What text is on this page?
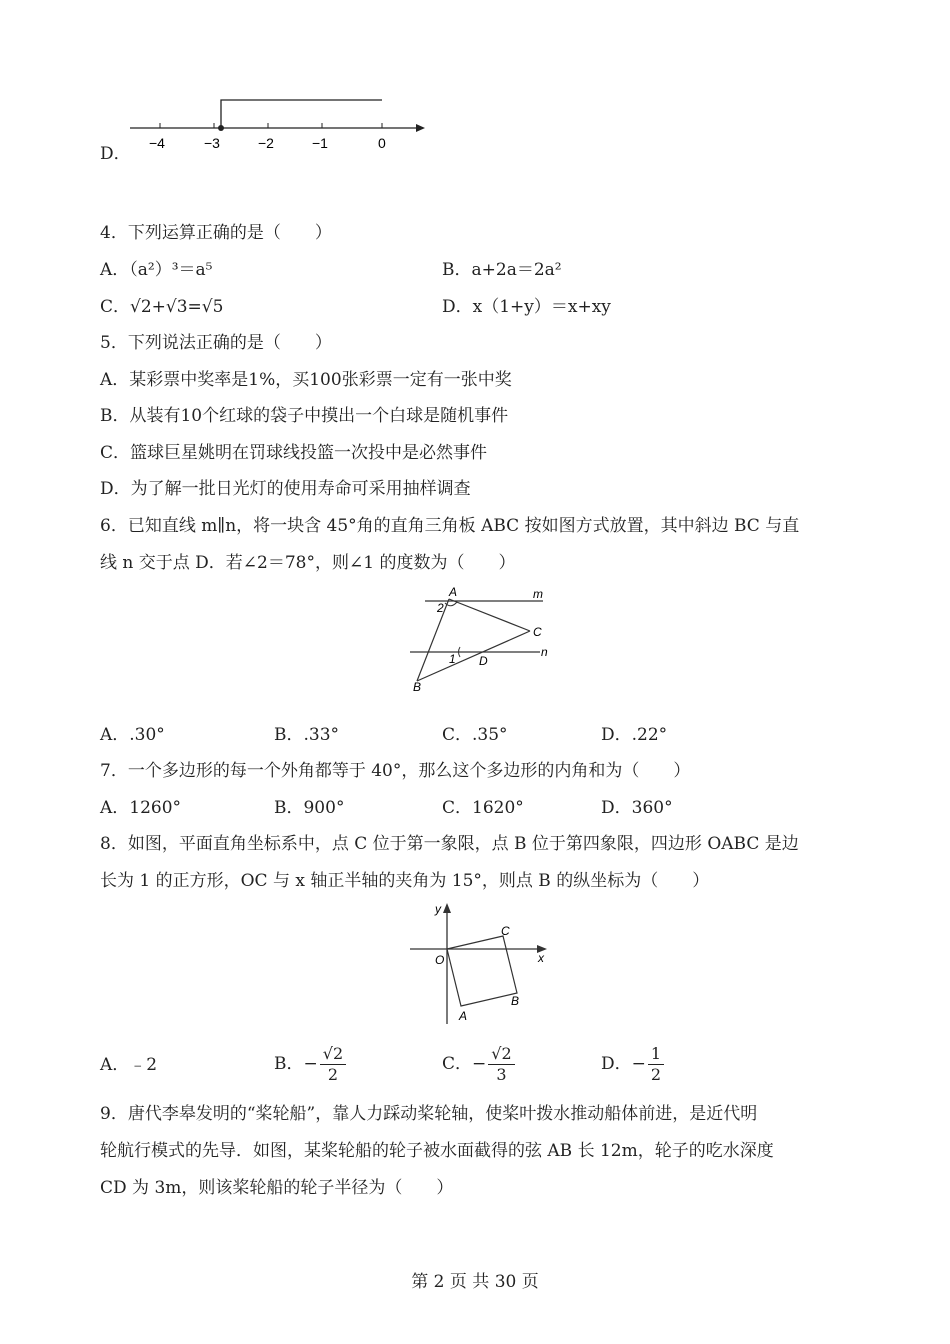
D．
−4	−3	−2	−1	0
4．下列运算正确的是（　　）
A．（a²）³＝a⁵	B．a+2a＝2a²
C．√2+√3=√5	D．x（1+y）＝x+xy
5．下列说法正确的是（　　）
A．某彩票中奖率是1%，买100张彩票一定有一张中奖
B．从装有10个红球的袋子中摸出一个白球是随机事件
C．篮球巨星姚明在罚球线投篮一次投中是必然事件
D．为了解一批日光灯的使用寿命可采用抽样调查
6．已知直线 m∥n，将一块含 45°角的直角三角板 ABC 按如图方式放置，其中斜边 BC 与直
线 n 交于点 D．若∠2＝78°，则∠1 的度数为（　　）
A
2
m
C
1 D
n
B
A．.30°	B．.33°	C．.35°	D．.22°
7．一个多边形的每一个外角都等于 40°，那么这个多边形的内角和为（　　）
A．1260°	B．900°	C．1620°	D．360°
8．如图，平面直角坐标系中，点 C 位于第一象限，点 B 位于第四象限，四边形 OABC 是边
长为 1 的正方形，OC 与 x 轴正半轴的夹角为 15°，则点 B 的纵坐标为（　　）
y
x
O
C
B
A
A．﹣2	B．− $\frac{√2}{2}$	C．− $\frac{√2}{3}$	D．− $\frac{1}{2}$
9．唐代李皋发明的“桨轮船”，靠人力踩动桨轮轴，使桨叶拨水推动船体前进，是近代明
轮航行模式的先导．如图，某桨轮船的轮子被水面截得的弦 AB 长 12m，轮子的吃水深度
CD 为 3m，则该桨轮船的轮子半径为（　　）
第 2 页 共 30 页
